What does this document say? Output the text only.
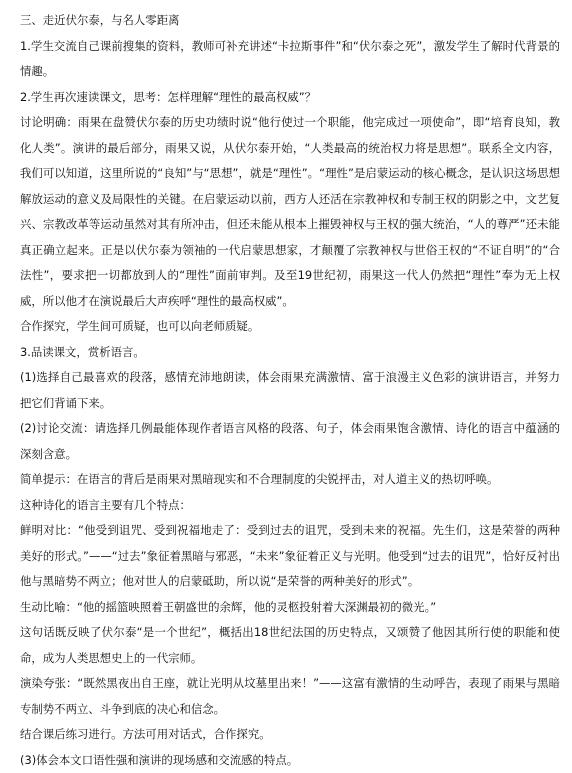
三、走近伏尔泰，与名人零距离

1.学生交流自己课前搜集的资料，教师可补充讲述“卡拉斯事件”和“伏尔泰之死”，激发学生了解时代背景的情趣。

2.学生再次速读课文，思考：怎样理解“理性的最高权威”？

讨论明确：雨果在盘赞伏尔泰的历史功绩时说“他行使过一个职能，他完成过一项使命”，即“培育良知，教化人类”。演讲的最后部分，雨果又说，从伏尔泰开始，“人类最高的统治权力将是思想”。联系全文内容，我们可以知道，这里所说的“良知”与“思想”，就是“理性”。“理性”是启蒙运动的核心概念，是认识这场思想解放运动的意义及局限性的关键。在启蒙运动以前，西方人还活在宗教神权和专制王权的阴影之中，文艺复兴、宗教改革等运动虽然对其有所冲击，但还未能从根本上摧毁神权与王权的强大统治，“人的尊严”还未能真正确立起来。正是以伏尔泰为领袖的一代启蒙思想家，才颠覆了宗教神权与世俗王权的“不证自明”的“合法性”，要求把一切都放到人的“理性”面前审判。及至19世纪初，雨果这一代人仍然把“理性”奉为无上权威，所以他才在演说最后大声疾呼“理性的最高权威”。

合作探究，学生间可质疑，也可以向老师质疑。

3.品读课文，赏析语言。

(1)选择自己最喜欢的段落，感情充沛地朗读，体会雨果充满激情、富于浪漫主义色彩的演讲语言，并努力把它们背诵下来。

(2)讨论交流：请选择几例最能体现作者语言风格的段落、句子，体会雨果饱含激情、诗化的语言中蕴涵的深刻含意。

简单提示：在语言的背后是雨果对黑暗现实和不合理制度的尖锐抨击，对人道主义的热切呼唤。

这种诗化的语言主要有几个特点：

鲜明对比：“他受到诅咒、受到祝福地走了：受到过去的诅咒，受到未来的祝福。先生们，这是荣誉的两种美好的形式。”——“过去”象征着黑暗与邪恶，“未来”象征着正义与光明。他受到“过去的诅咒”，恰好反衬出他与黑暗势不两立；他对世人的启蒙砥助，所以说“是荣誉的两种美好的形式”。

生动比喻：“他的摇篮映照着王朝盛世的余辉，他的灵柩投射着大深渊最初的微光。”

这句话既反映了伏尔泰“是一个世纪”，概括出18世纪法国的历史特点，又颂赞了他因其所行使的职能和使命，成为人类思想史上的一代宗师。

演染夸张：“既然黑夜出自王座，就让光明从坟墓里出来！”——这富有激情的生动呼告，表现了雨果与黑暗专制势不两立、斗争到底的决心和信念。

结合课后练习进行。方法可用对话式，合作探究。

(3)体会本文口语性强和演讲的现场感和交流感的特点。
